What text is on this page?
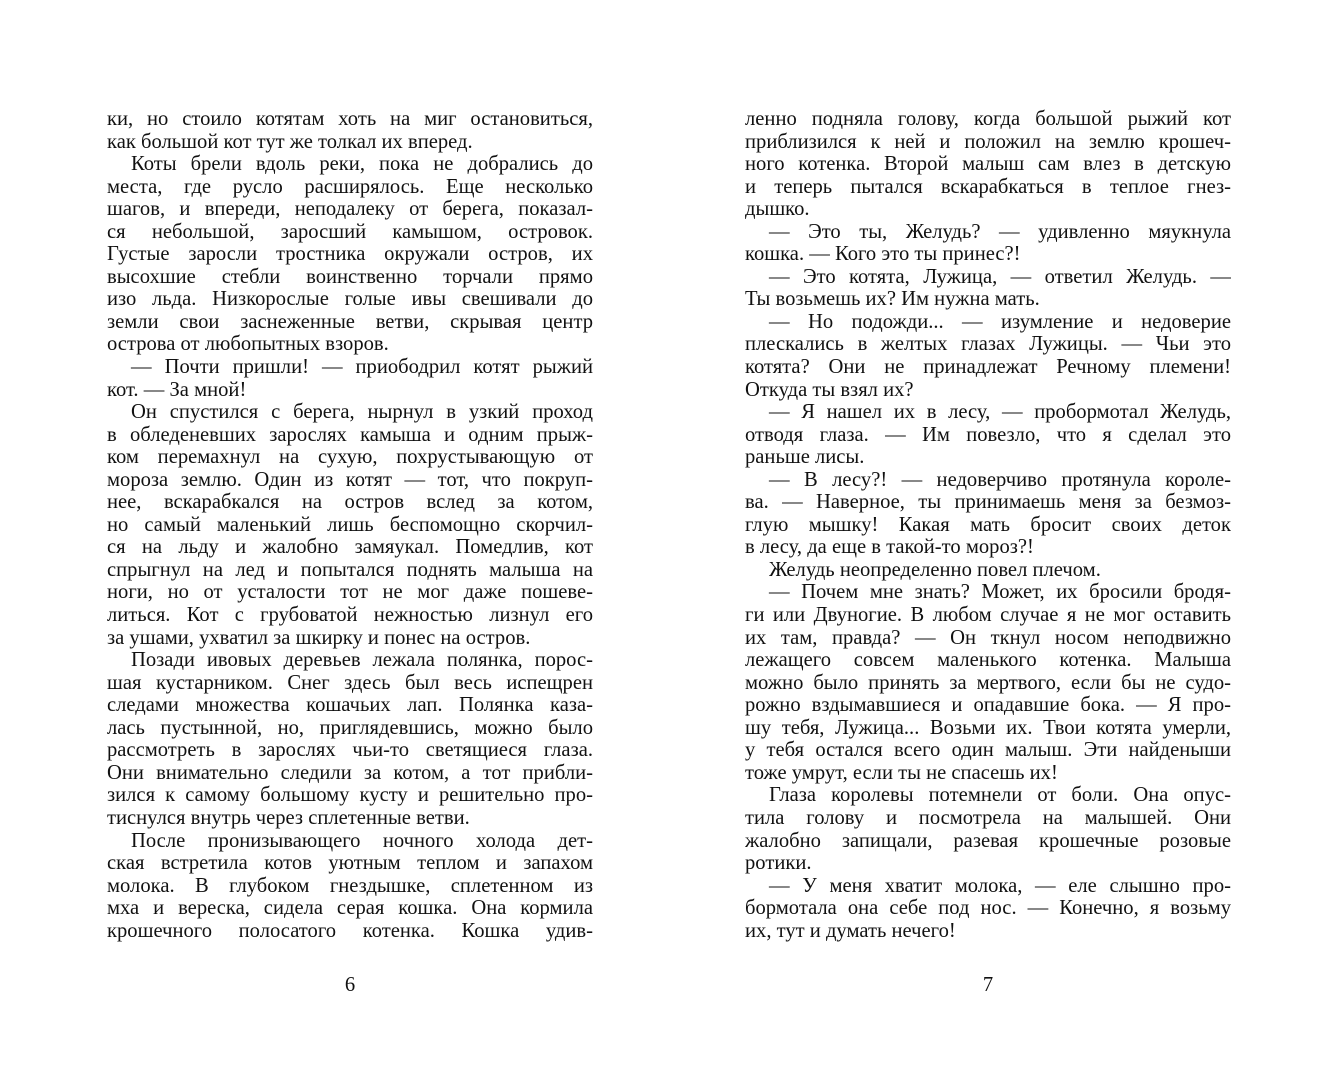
ки, но стоило котятам хоть на миг остановиться,
как большой кот тут же толкал их вперед.
Коты брели вдоль реки, пока не добрались до
места, где русло расширялось. Еще несколько
шагов, и впереди, неподалеку от берега, показал-
ся небольшой, заросший камышом, островок.
Густые заросли тростника окружали остров, их
высохшие стебли воинственно торчали прямо
изо льда. Низкорослые голые ивы свешивали до
земли свои заснеженные ветви, скрывая центр
острова от любопытных взоров.
— Почти пришли! — приободрил котят рыжий
кот. — За мной!
Он спустился с берега, нырнул в узкий проход
в обледеневших зарослях камыша и одним прыж-
ком перемахнул на сухую, похрустывающую от
мороза землю. Один из котят — тот, что покруп-
нее, вскарабкался на остров вслед за котом,
но самый маленький лишь беспомощно скорчил-
ся на льду и жалобно замяукал. Помедлив, кот
спрыгнул на лед и попытался поднять малыша на
ноги, но от усталости тот не мог даже пошеве-
литься. Кот с грубоватой нежностью лизнул его
за ушами, ухватил за шкирку и понес на остров.
Позади ивовых деревьев лежала полянка, порос-
шая кустарником. Снег здесь был весь испещрен
следами множества кошачьих лап. Полянка каза-
лась пустынной, но, приглядевшись, можно было
рассмотреть в зарослях чьи-то светящиеся глаза.
Они внимательно следили за котом, а тот прибли-
зился к самому большому кусту и решительно про-
тиснулся внутрь через сплетенные ветви.
После пронизывающего ночного холода дет-
ская встретила котов уютным теплом и запахом
молока. В глубоком гнездышке, сплетенном из
мха и вереска, сидела серая кошка. Она кормила
крошечного полосатого котенка. Кошка удив-
ленно подняла голову, когда большой рыжий кот
приблизился к ней и положил на землю крошеч-
ного котенка. Второй малыш сам влез в детскую
и теперь пытался вскарабкаться в теплое гнез-
дышко.
— Это ты, Желудь? — удивленно мяукнула
кошка. — Кого это ты принес?!
— Это котята, Лужица, — ответил Желудь. —
Ты возьмешь их? Им нужна мать.
— Но подожди... — изумление и недоверие
плескались в желтых глазах Лужицы. — Чьи это
котята? Они не принадлежат Речному племени!
Откуда ты взял их?
— Я нашел их в лесу, — пробормотал Желудь,
отводя глаза. — Им повезло, что я сделал это
раньше лисы.
— В лесу?! — недоверчиво протянула короле-
ва. — Наверное, ты принимаешь меня за безмоз-
глую мышку! Какая мать бросит своих деток
в лесу, да еще в такой-то мороз?!
Желудь неопределенно повел плечом.
— Почем мне знать? Может, их бросили бродя-
ги или Двуногие. В любом случае я не мог оставить
их там, правда? — Он ткнул носом неподвижно
лежащего совсем маленького котенка. Малыша
можно было принять за мертвого, если бы не судо-
рожно вздымавшиеся и опадавшие бока. — Я про-
шу тебя, Лужица... Возьми их. Твои котята умерли,
у тебя остался всего один малыш. Эти найденыши
тоже умрут, если ты не спасешь их!
Глаза королевы потемнели от боли. Она опус-
тила голову и посмотрела на малышей. Они
жалобно запищали, разевая крошечные розовые
ротики.
— У меня хватит молока, — еле слышно про-
бормотала она себе под нос. — Конечно, я возьму
их, тут и думать нечего!
6	7
